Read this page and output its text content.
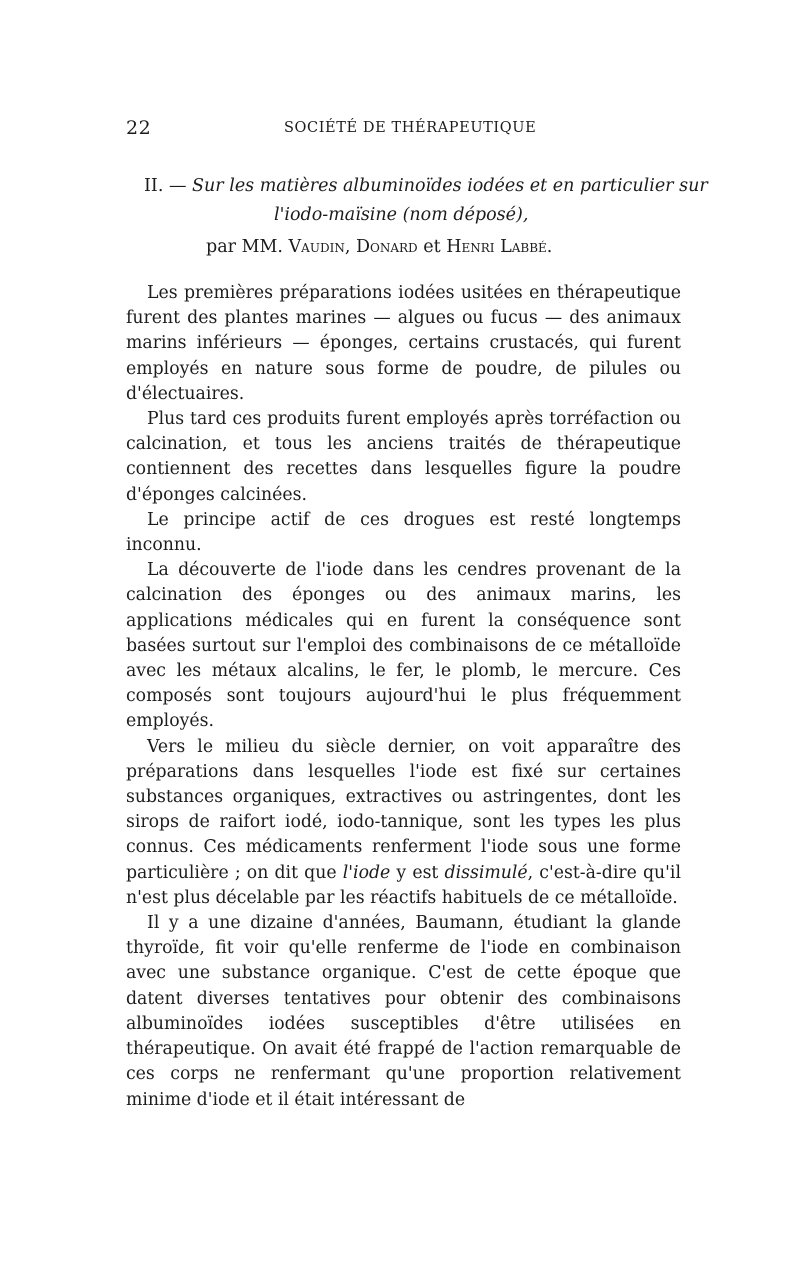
22	SOCIÉTÉ DE THÉRAPEUTIQUE
II. — Sur les matières albuminoïdes iodées et en particulier sur
l'iodo-maïsine (nom déposé),
par MM. Vaudin, Donard et Henri Labbé.

Les premières préparations iodées usitées en thérapeutique furent des plantes marines — algues ou fucus — des animaux marins inférieurs — éponges, certains crustacés, qui furent employés en nature sous forme de poudre, de pilules ou d'électuaires.

Plus tard ces produits furent employés après torréfaction ou calcination, et tous les anciens traités de thérapeutique contiennent des recettes dans lesquelles figure la poudre d'éponges calcinées.

Le principe actif de ces drogues est resté longtemps inconnu.

La découverte de l'iode dans les cendres provenant de la calcination des éponges ou des animaux marins, les applications médicales qui en furent la conséquence sont basées surtout sur l'emploi des combinaisons de ce métalloïde avec les métaux alcalins, le fer, le plomb, le mercure. Ces composés sont toujours aujourd'hui le plus fréquemment employés.

Vers le milieu du siècle dernier, on voit apparaître des préparations dans lesquelles l'iode est fixé sur certaines substances organiques, extractives ou astringentes, dont les sirops de raifort iodé, iodo-tannique, sont les types les plus connus. Ces médicaments renferment l'iode sous une forme particulière ; on dit que l'iode y est dissimulé, c'est-à-dire qu'il n'est plus décelable par les réactifs habituels de ce métalloïde.

Il y a une dizaine d'années, Baumann, étudiant la glande thyroïde, fit voir qu'elle renferme de l'iode en combinaison avec une substance organique. C'est de cette époque que datent diverses tentatives pour obtenir des combinaisons albuminoïdes iodées susceptibles d'être utilisées en thérapeutique. On avait été frappé de l'action remarquable de ces corps ne renfermant qu'une proportion relativement minime d'iode et il était intéressant de
